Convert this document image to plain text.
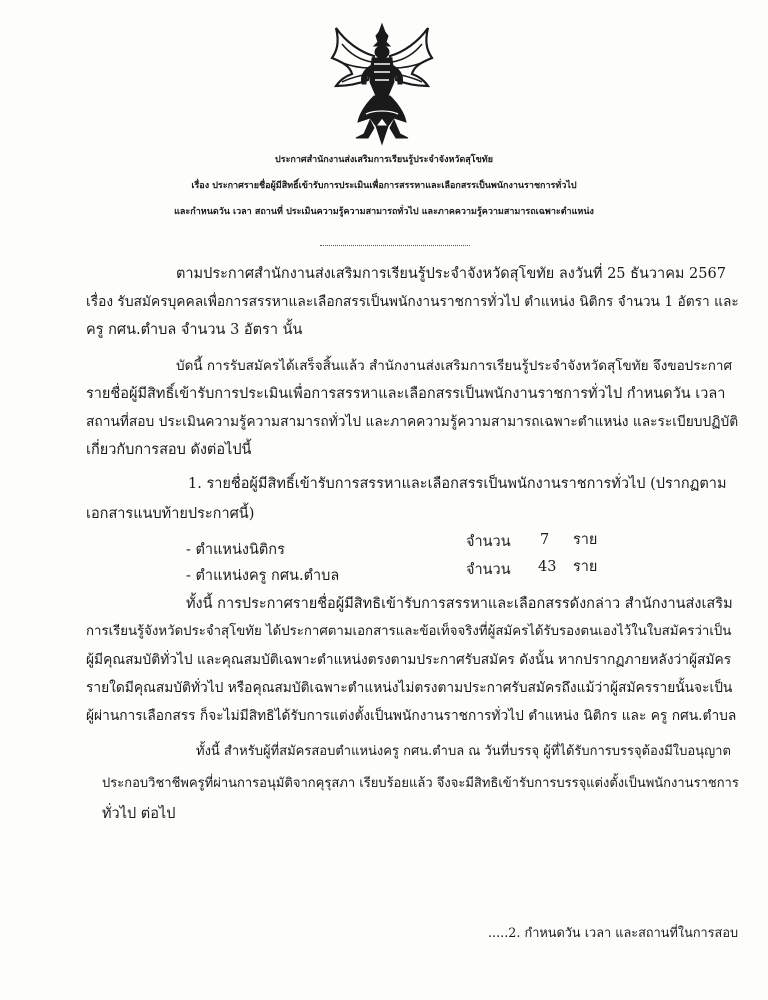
ประกาศสำนักงานส่งเสริมการเรียนรู้ประจำจังหวัดสุโขทัย
เรื่อง ประกาศรายชื่อผู้มีสิทธิ์เข้ารับการประเมินเพื่อการสรรหาและเลือกสรรเป็นพนักงานราชการทั่วไป
และกำหนดวัน เวลา สถานที่ ประเมินความรู้ความสามารถทั่วไป และภาคความรู้ความสามารถเฉพาะตำแหน่ง
ตามประกาศสำนักงานส่งเสริมการเรียนรู้ประจำจังหวัดสุโขทัย ลงวันที่ 25 ธันวาคม 2567
เรื่อง รับสมัครบุคคลเพื่อการสรรหาและเลือกสรรเป็นพนักงานราชการทั่วไป ตำแหน่ง นิติกร จำนวน 1 อัตรา และ
ครู กศน.ตำบล จำนวน 3 อัตรา นั้น
บัดนี้ การรับสมัครได้เสร็จสิ้นแล้ว สำนักงานส่งเสริมการเรียนรู้ประจำจังหวัดสุโขทัย จึงขอประกาศ
รายชื่อผู้มีสิทธิ์เข้ารับการประเมินเพื่อการสรรหาและเลือกสรรเป็นพนักงานราชการทั่วไป กำหนดวัน เวลา
สถานที่สอบ ประเมินความรู้ความสามารถทั่วไป และภาคความรู้ความสามารถเฉพาะตำแหน่ง และระเบียบปฏิบัติ
เกี่ยวกับการสอบ ดังต่อไปนี้
1. รายชื่อผู้มีสิทธิ์เข้ารับการสรรหาและเลือกสรรเป็นพนักงานราชการทั่วไป (ปรากฏตาม
เอกสารแนบท้ายประกาศนี้)
- ตำแหน่งนิติกร	จำนวน 7 ราย
- ตำแหน่งครู กศน.ตำบล	จำนวน 43 ราย
ทั้งนี้ การประกาศรายชื่อผู้มีสิทธิเข้ารับการสรรหาและเลือกสรรดังกล่าว สำนักงานส่งเสริม
การเรียนรู้จังหวัดประจำสุโขทัย ได้ประกาศตามเอกสารและข้อเท็จจริงที่ผู้สมัครได้รับรองตนเองไว้ในใบสมัครว่าเป็น
ผู้มีคุณสมบัติทั่วไป และคุณสมบัติเฉพาะตำแหน่งตรงตามประกาศรับสมัคร ดังนั้น หากปรากฏภายหลังว่าผู้สมัคร
รายใดมีคุณสมบัติทั่วไป หรือคุณสมบัติเฉพาะตำแหน่งไม่ตรงตามประกาศรับสมัครถึงแม้ว่าผู้สมัครรายนั้นจะเป็น
ผู้ผ่านการเลือกสรร ก็จะไม่มีสิทธิได้รับการแต่งตั้งเป็นพนักงานราชการทั่วไป ตำแหน่ง นิติกร และ ครู กศน.ตำบล
ทั้งนี้ สำหรับผู้ที่สมัครสอบตำแหน่งครู กศน.ตำบล ณ วันที่บรรจุ ผู้ที่ได้รับการบรรจุต้องมีใบอนุญาต
ประกอบวิชาชีพครูที่ผ่านการอนุมัติจากคุรุสภา เรียบร้อยแล้ว จึงจะมีสิทธิเข้ารับการบรรจุแต่งตั้งเป็นพนักงานราชการ
ทั่วไป ต่อไป
.....2. กำหนดวัน เวลา และสถานที่ในการสอบ
